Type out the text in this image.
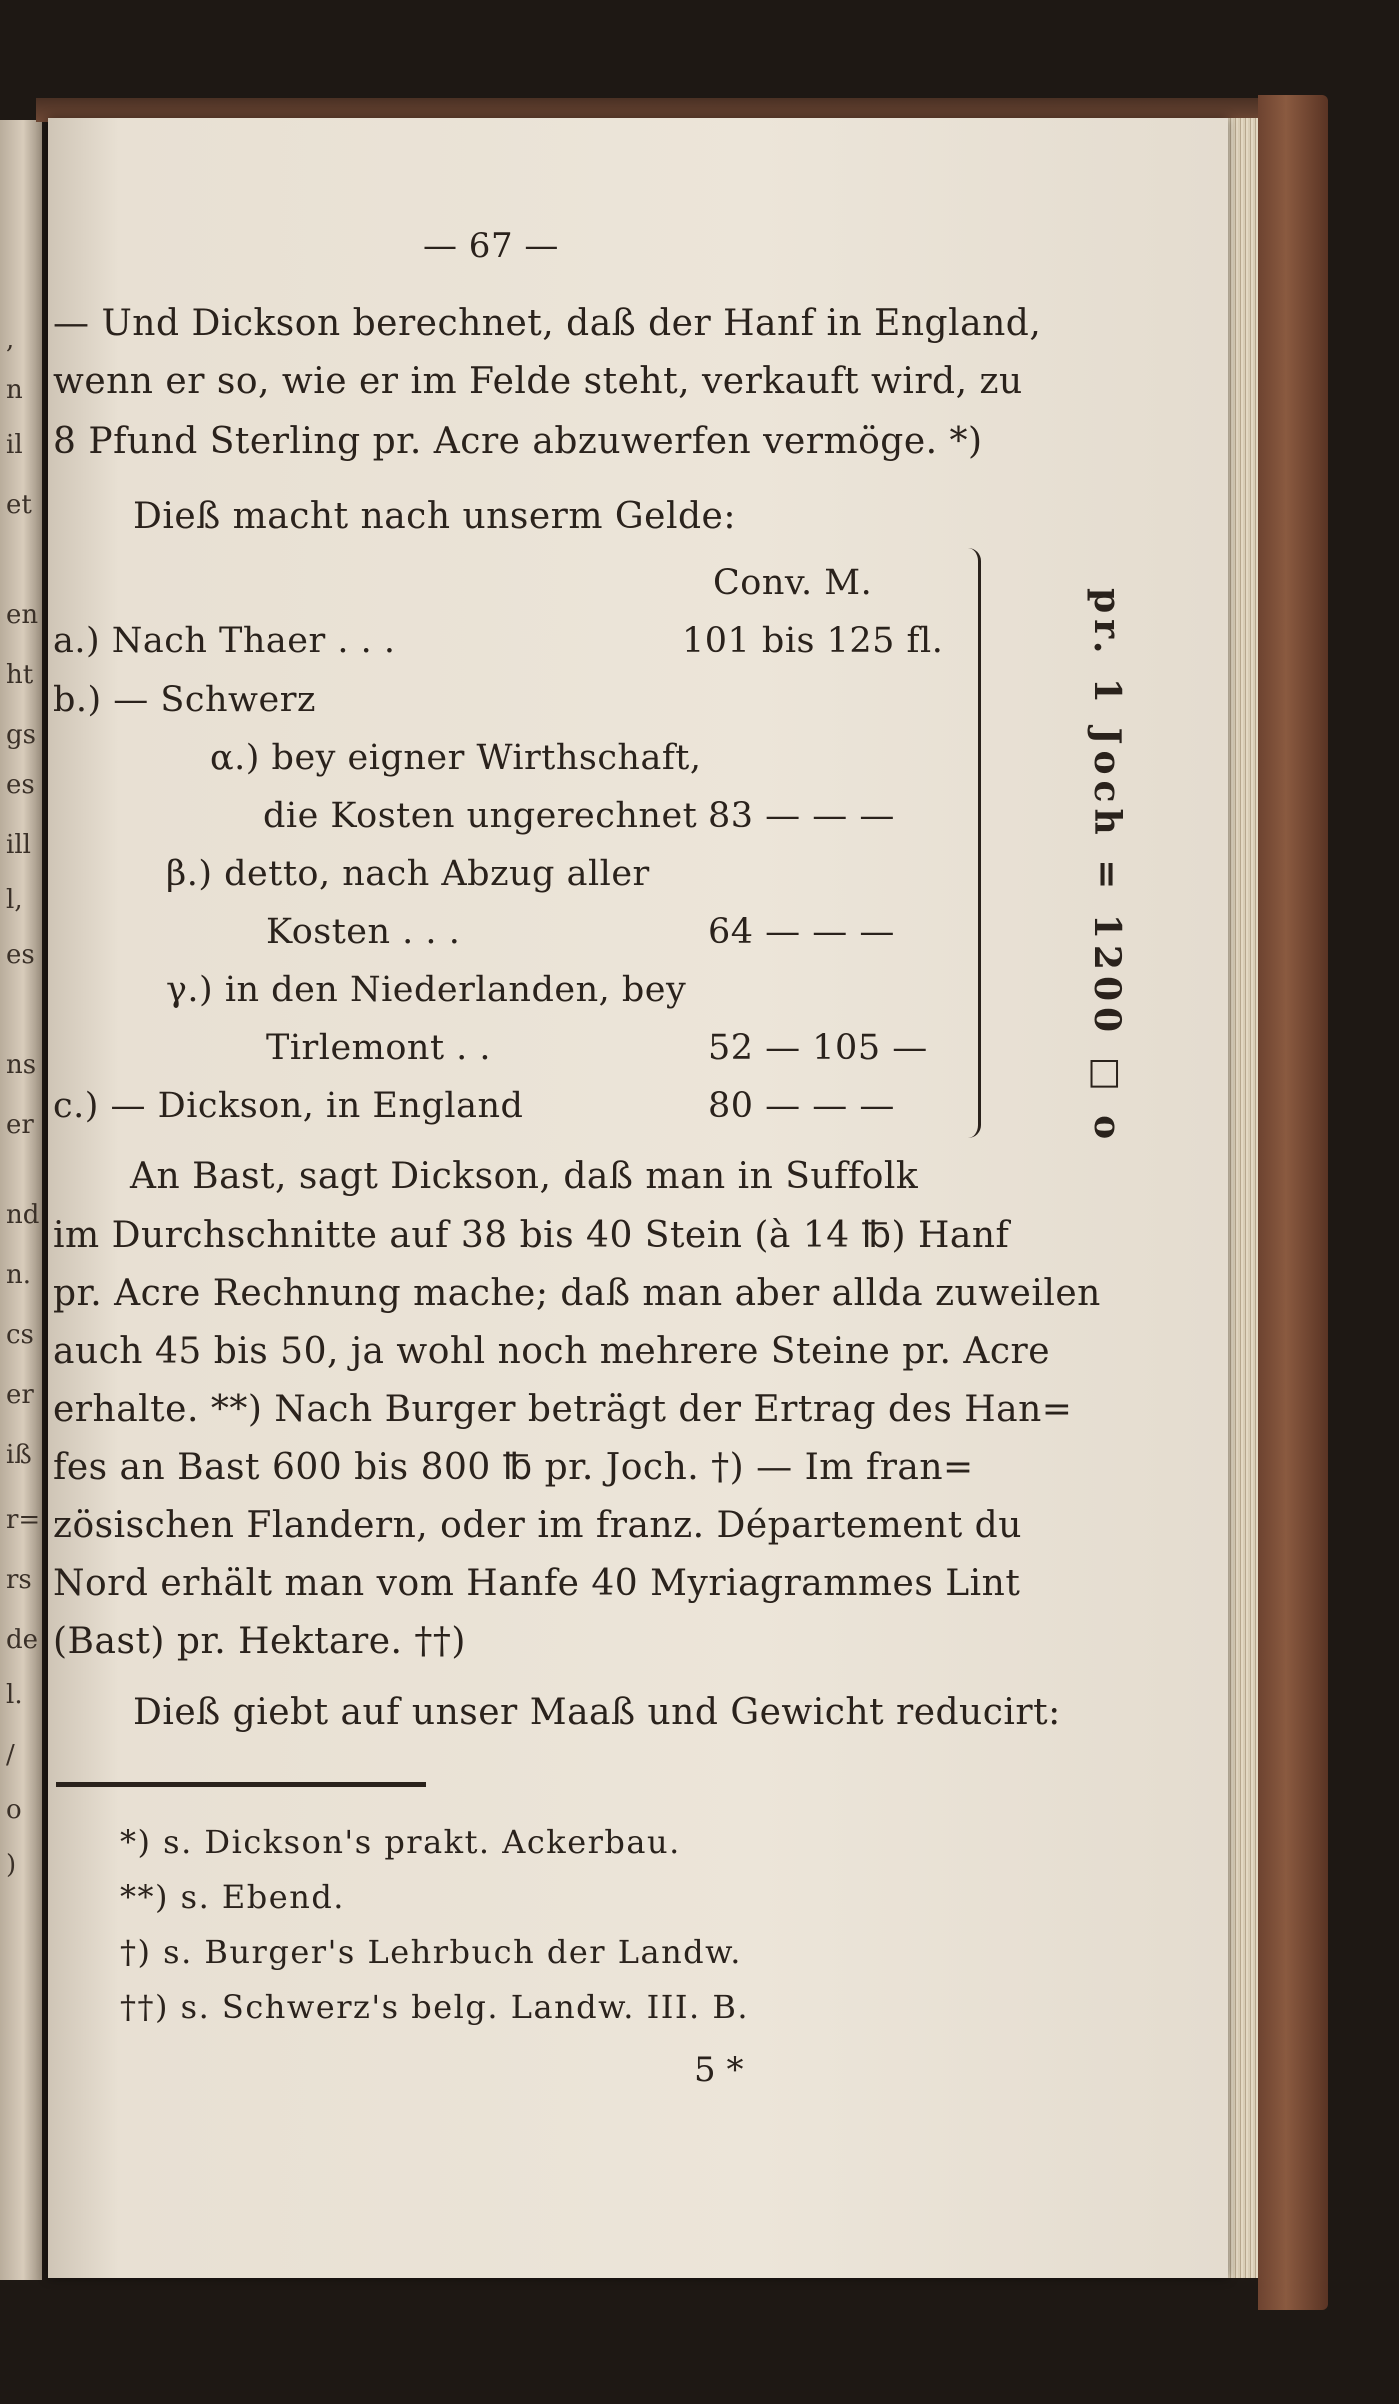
,
n
il
et
en
ht
gs
es
ill
l,
es
ns
er
nd
n.
cs
er
iß
r=
rs
de
l.
/
o
)
— 67 —
— Und Dickson berechnet, daß der Hanf in England,
wenn er so, wie er im Felde steht, verkauft wird, zu
8 Pfund Sterling pr. Acre abzuwerfen vermöge. *)
Dieß macht nach unserm Gelde:
Conv. M.
a.) Nach Thaer . . .	101 bis 125 fl.
b.) — Schwerz
α.) bey eigner Wirthschaft,
die Kosten ungerechnet 83 — — —
β.) detto, nach Abzug aller
Kosten . . .	64 — — —
γ.) in den Niederlanden, bey
Tirlemont . .	52 — 105 —
c.) — Dickson, in England	80 — — —	pr. 1 Joch = 1200 □ o
An Bast, sagt Dickson, daß man in Suffolk
im Durchschnitte auf 38 bis 40 Stein (à 14 ℔) Hanf
pr. Acre Rechnung mache; daß man aber allda zuweilen
auch 45 bis 50, ja wohl noch mehrere Steine pr. Acre
erhalte. **) Nach Burger beträgt der Ertrag des Han=
fes an Bast 600 bis 800 ℔ pr. Joch. †) — Im fran=
zösischen Flandern, oder im franz. Département du
Nord erhält man vom Hanfe 40 Myriagrammes Lint
(Bast) pr. Hektare. ††)
Dieß giebt auf unser Maaß und Gewicht reducirt:
*) s. Dickson's prakt. Ackerbau.
**) s. Ebend.
†) s. Burger's Lehrbuch der Landw.
††) s. Schwerz's belg. Landw. III. B.
5 *
